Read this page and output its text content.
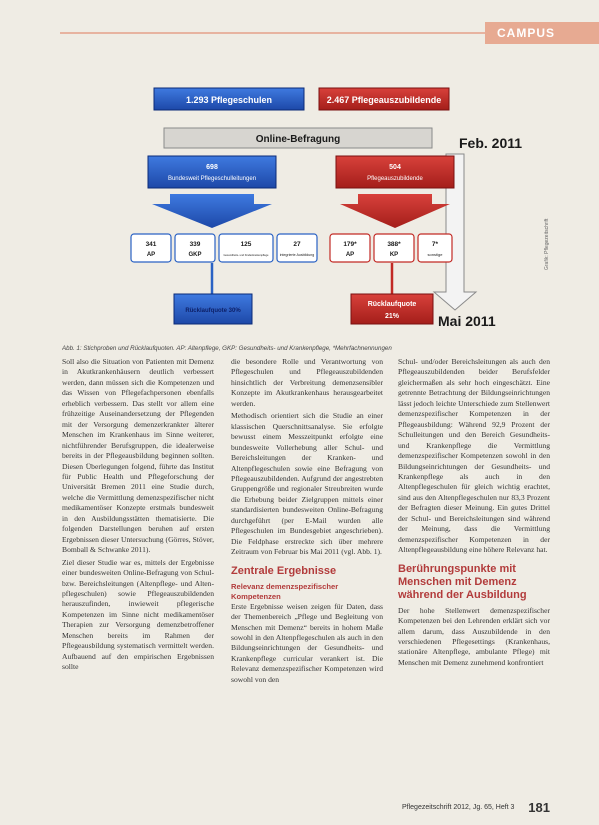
CAMPUS
1.293 Pflegeschulen	2.467 Pflegeauszubildende
Online-Befragung	Feb. 2011
Mai 2011
698
Bundesweit Pflegeschulleitungen
504
Pflegeauszubildende
341
AP
339
GKP
125
Gesundheits- und Kinderkrankenpflege
27
integrierte Ausbildung
179*
AP
388*
KP
7*
sonstige
Rücklaufquote 30%
Rücklaufquote
21%
Grafik: Pflegezeitschrift
Abb. 1: Stichproben und Rücklaufquoten. AP: Altenpflege, GKP: Gesundheits- und Krankenpflege, *Mehrfachnennungen

Soll also die Situation von Patienten mit Demenz in Akutkrankenhäusern deutlich verbessert werden, dann müssen sich die Kompetenzen und das Wissen von Pflegefachpersonen ebenfalls erheblich verbessern. Das stellt vor allem eine frühzeitige Auseinandersetzung der Pflegenden mit der Versorgung demenzerkrankter älterer Menschen im Krankenhaus im Sinne weiterer, nichtführender Berufsgruppen, die idealerweise bereits in der Pflegeausbildung beginnen sollten. Diesen Überlegungen folgend, führte das Institut für Public Health und Pflegeforschung der Universität Bremen 2011 eine Studie durch, welche die Vermittlung demenzspezifischer nicht medikamentöser Konzepte erstmals bundesweit in den Ausbildungsstätten thematisierte. Die folgenden Darstellungen beruhen auf ersten Ergebnissen dieser Untersuchung (Görres, Stöver, Bomball & Schwanke 2011).

Ziel dieser Studie war es, mittels der Ergebnisse einer bundesweiten Online-Befragung von Schul- bzw. Bereichsleitungen (Altenpflege- und Alten- pflegeschulen) sowie Pflegeauszubildenden herauszufinden, inwieweit pflegerische Kompetenzen im Sinne nicht medikamentöser Therapien zur Versorgung demenzbetroffener Menschen bereits im Rahmen der Pflegeausbildung systematisch vermittelt werden. Aufbauend auf den empirischen Ergebnissen sollte

die besondere Rolle und Verantwortung von Pflegeschulen und Pflegeauszubildenden hinsichtlich der Verbreitung demenzsensibler Konzepte im Akutkrankenhaus herausgearbeitet werden.

Methodisch orientiert sich die Studie an einer klassischen Querschnittsanalyse. Sie erfolgte bewusst einem Messzeitpunkt erfolgte eine bundesweite Vollerhebung aller Schul- und Bereichsleitungen der Kranken- und Altenpflegeschulen sowie eine Befragung von Pflegeauszubildenden. Aufgrund der angestrebten Gruppengröße und regionaler Streubreiten wurde die Erhebung beider Zielgruppen mittels einer standardisierten bundesweiten Online-Befragung durchgeführt (per E-Mail wurden alle Pflegeschulen im Bundesgebiet angeschrieben). Die Feldphase erstreckte sich über mehrere Zeitraum von Februar bis Mai 2011 (vgl. Abb. 1).

Zentrale Ergebnisse
Relevanz demenzspezifischer Kompetenzen

Erste Ergebnisse weisen zeigen für Daten, dass der Themenbereich „Pflege und Begleitung von Menschen mit Demenz“ bereits in hohem Maße sowohl in den Altenpflegeschulen als auch in den Bildungseinrichtungen der Gesundheits- und Krankenpflege curricular verankert ist. Die Relevanz demenzspezifischer Kompetenzen wird sowohl von den

Schul- und/oder Bereichsleitungen als auch den Pflegeauszubildenden beider Berufsfelder gleichermaßen als sehr hoch eingeschätzt. Eine getrennte Betrachtung der Bildungseinrichtungen lässt jedoch leichte Unterschiede zum Stellenwert demenzspezifischer Kompetenzen in der Pflegeausbildung: Während 92,9 Prozent der Schulleitungen und den Bereich Gesundheits- und Krankenpflege die Vermittlung demenzspezifischer Kompetenzen sowohl in den Bildungseinrichtungen der Gesundheits- und Krankenpflege als auch in den Altenpflegeschulen für gleich wichtig erachtet, sind aus den Altenpflegeschulen nur 83,3 Prozent der Befragten dieser Meinung. Ein gutes Drittel der Schul- und Bereichsleitungen sind während der Meinung, dass die Vermittlung demenzspezifischer Kompetenzen in der Altenpflegeausbildung eine höhere Relevanz hat.

Berührungspunkte mit Menschen mit Demenz während der Ausbildung

Der hohe Stellenwert demenzspezifischer Kompetenzen bei den Lehrenden erklärt sich vor allem darum, dass Auszubildende in den verschiedenen Pflegesettings (Krankenhaus, stationäre Altenpflege, ambulante Pflege) mit Menschen mit Demenz zunehmend konfrontiert

Pflegezeitschrift 2012, Jg. 65, Heft 3 181
